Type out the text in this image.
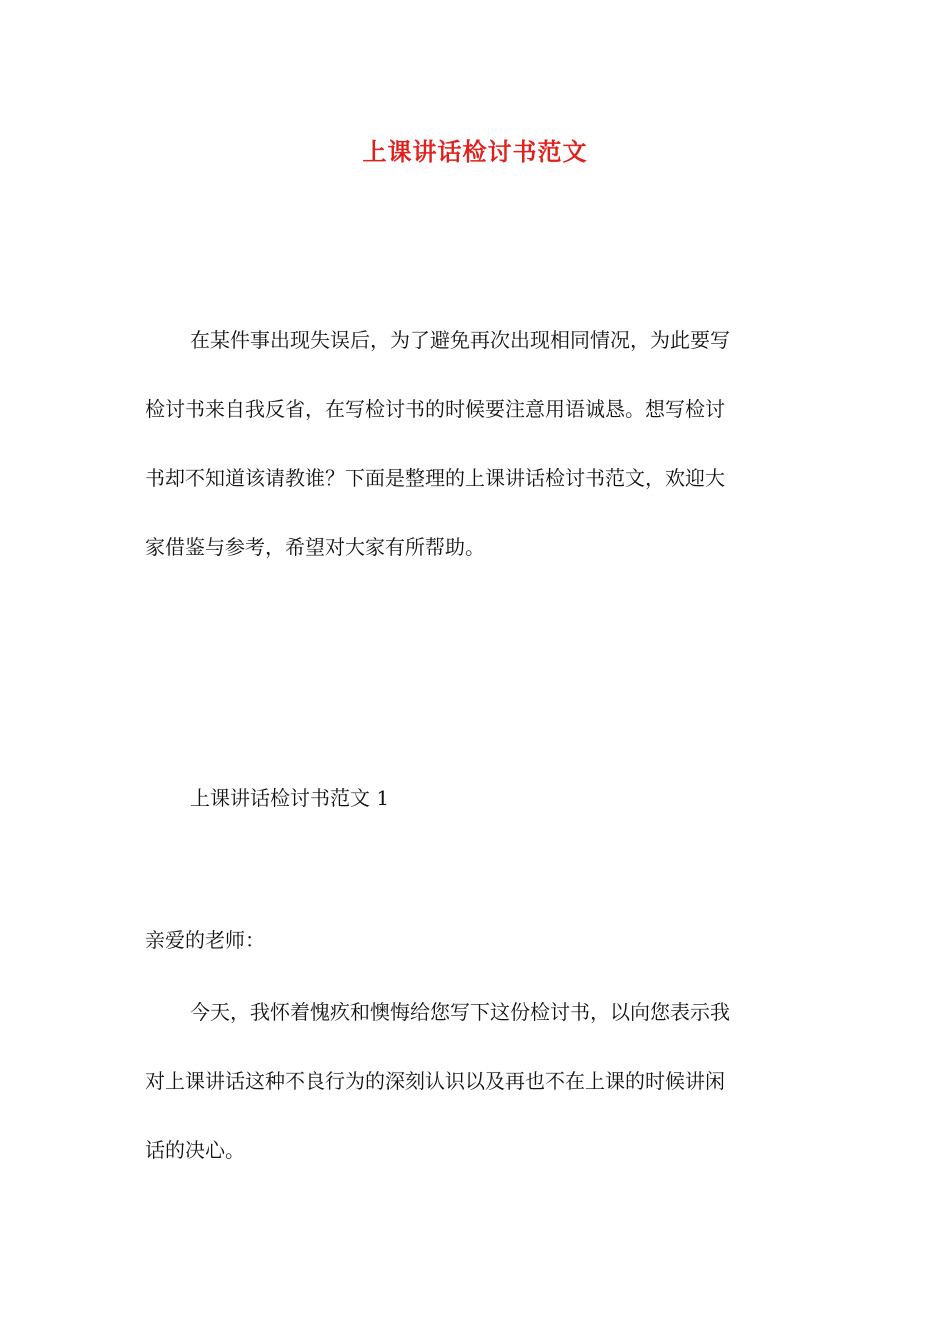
上课讲话检讨书范文
在某件事出现失误后，为了避免再次出现相同情况，为此要写
检讨书来自我反省，在写检讨书的时候要注意用语诚恳。想写检讨
书却不知道该请教谁？下面是整理的上课讲话检讨书范文，欢迎大
家借鉴与参考，希望对大家有所帮助。
上课讲话检讨书范文 1
亲爱的老师：
今天，我怀着愧疚和懊悔给您写下这份检讨书，以向您表示我
对上课讲话这种不良行为的深刻认识以及再也不在上课的时候讲闲
话的决心。
